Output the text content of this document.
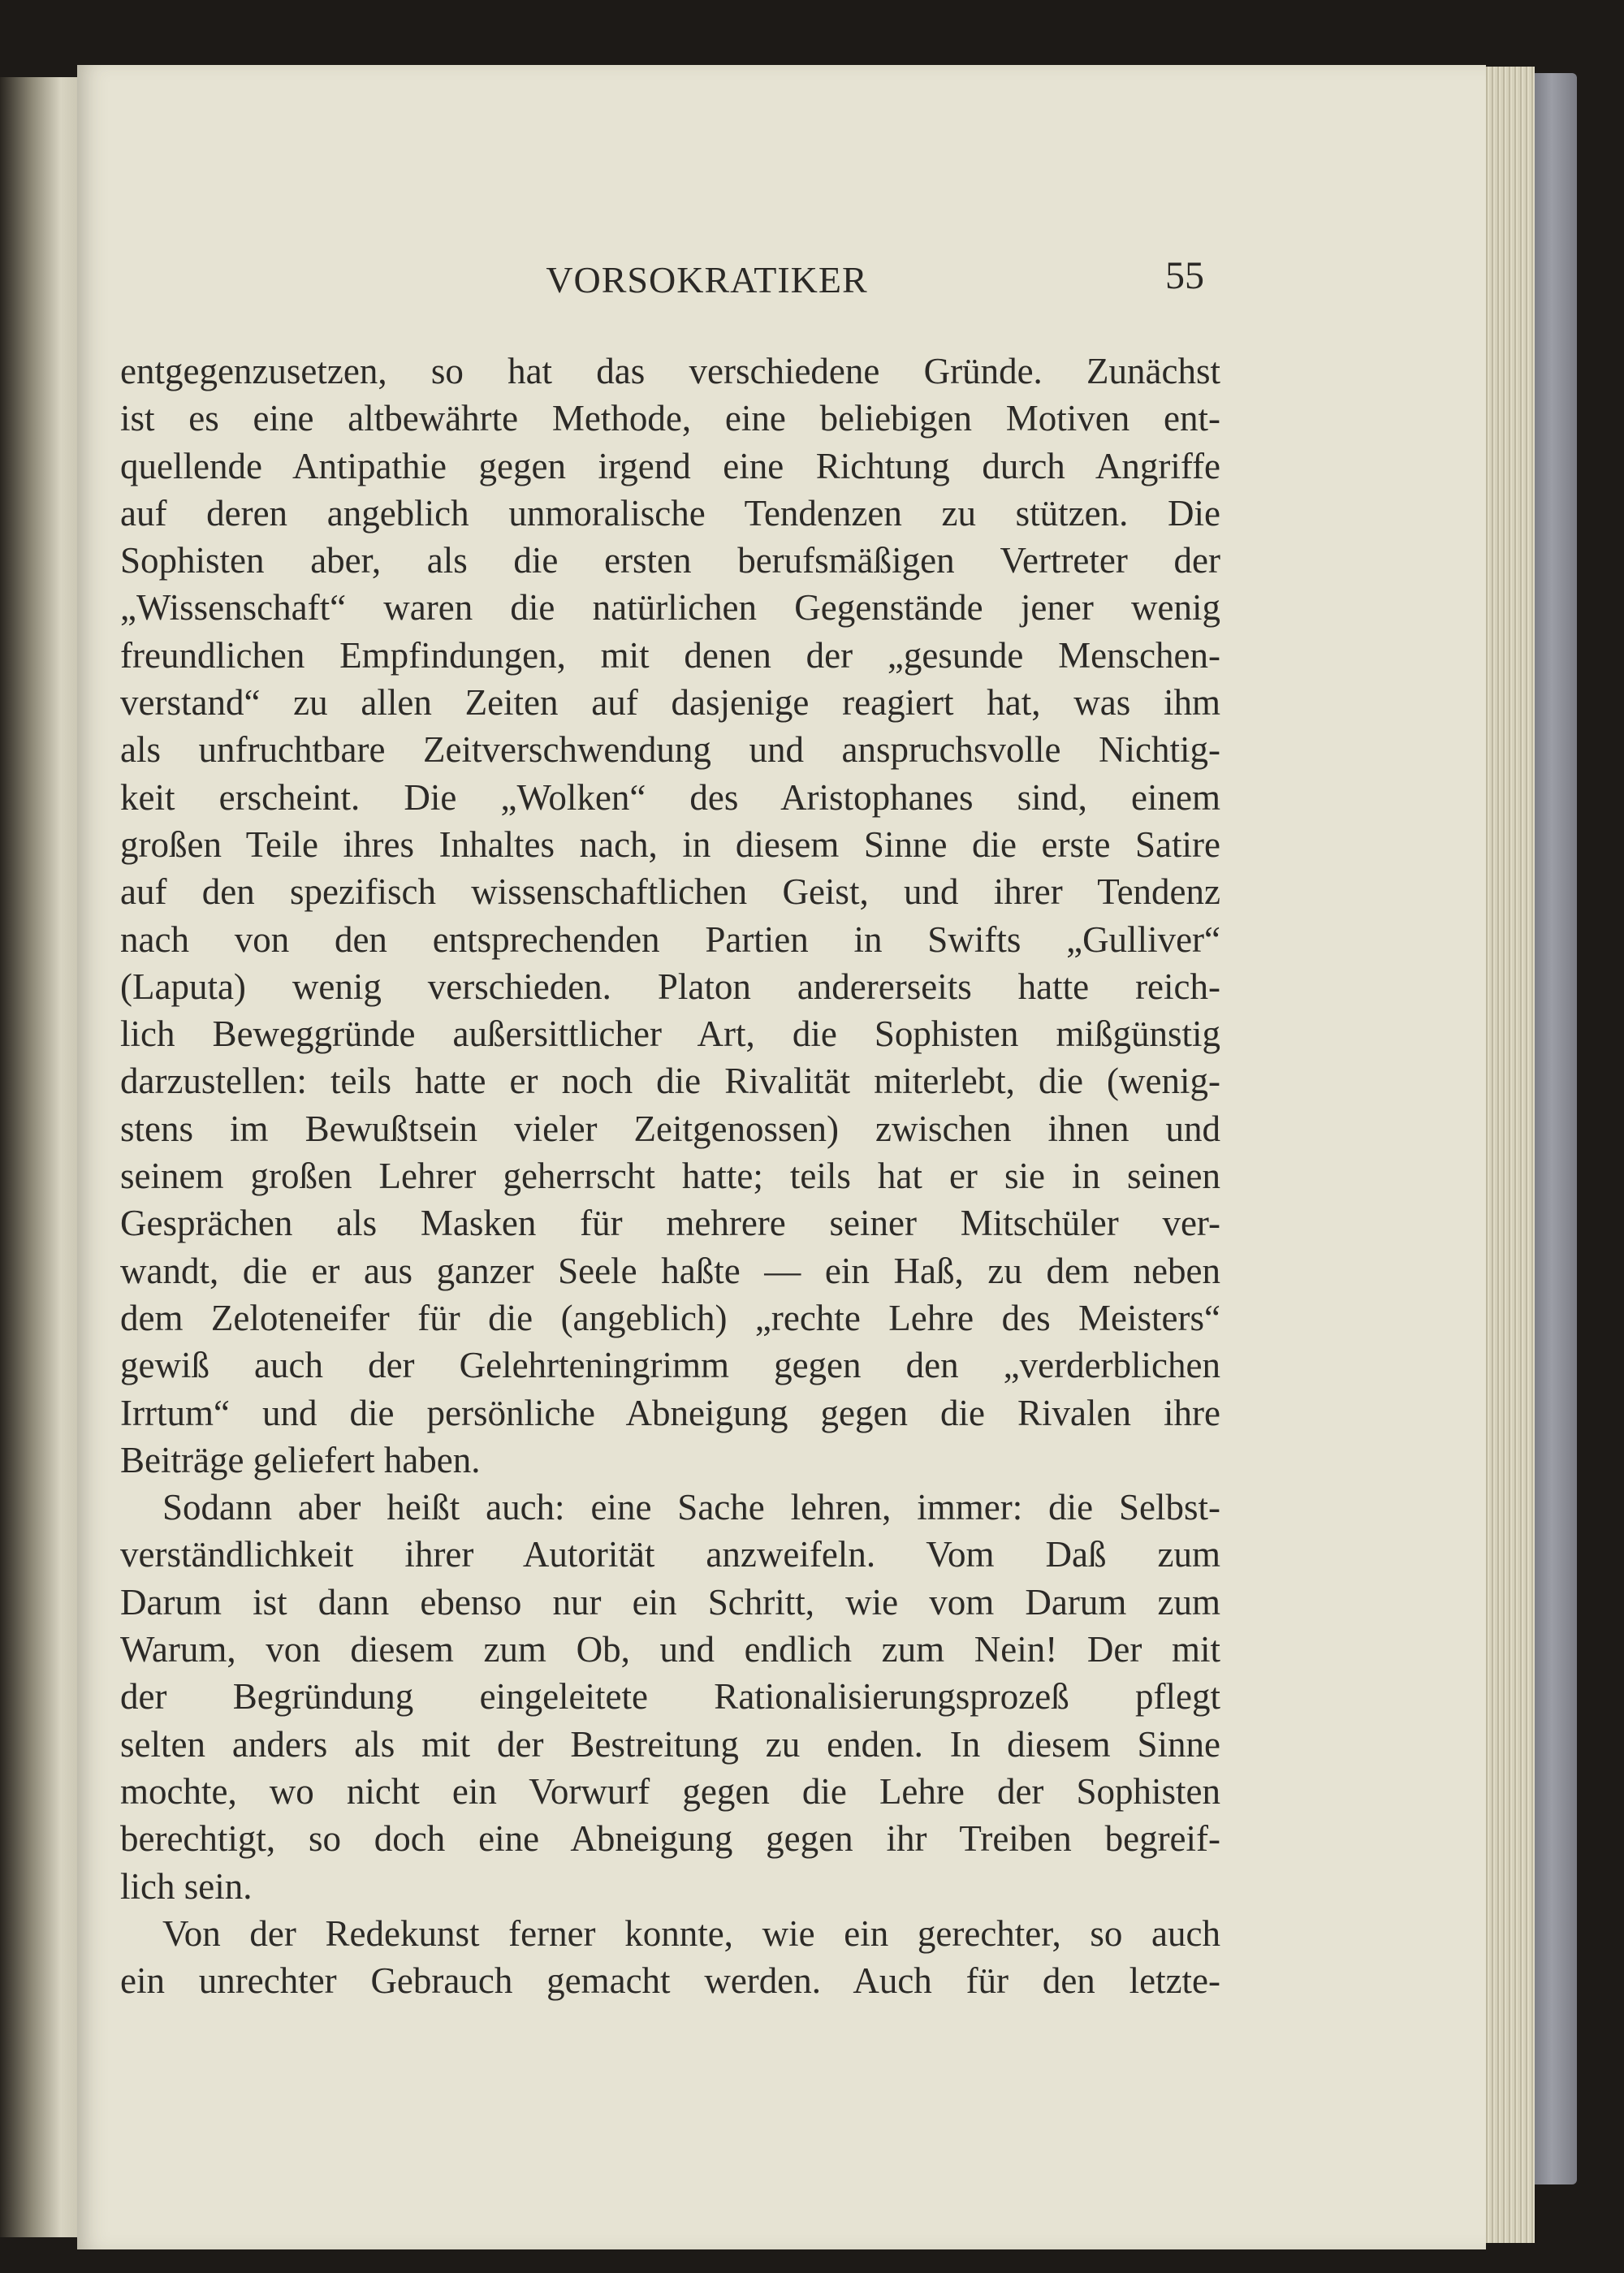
VORSOKRATIKER	55
entgegenzusetzen, so hat das verschiedene Gründe. Zunächst
ist es eine altbewährte Methode, eine beliebigen Motiven ent-
quellende Antipathie gegen irgend eine Richtung durch Angriffe
auf deren angeblich unmoralische Tendenzen zu stützen. Die
Sophisten aber, als die ersten berufsmäßigen Vertreter der
„Wissenschaft“ waren die natürlichen Gegenstände jener wenig
freundlichen Empfindungen, mit denen der „gesunde Menschen-
verstand“ zu allen Zeiten auf dasjenige reagiert hat, was ihm
als unfruchtbare Zeitverschwendung und anspruchsvolle Nichtig-
keit erscheint. Die „Wolken“ des Aristophanes sind, einem
großen Teile ihres Inhaltes nach, in diesem Sinne die erste Satire
auf den spezifisch wissenschaftlichen Geist, und ihrer Tendenz
nach von den entsprechenden Partien in Swifts „Gulliver“
(Laputa) wenig verschieden. Platon andererseits hatte reich-
lich Beweggründe außersittlicher Art, die Sophisten mißgünstig
darzustellen: teils hatte er noch die Rivalität miterlebt, die (wenig-
stens im Bewußtsein vieler Zeitgenossen) zwischen ihnen und
seinem großen Lehrer geherrscht hatte; teils hat er sie in seinen
Gesprächen als Masken für mehrere seiner Mitschüler ver-
wandt, die er aus ganzer Seele haßte — ein Haß, zu dem neben
dem Zeloteneifer für die (angeblich) „rechte Lehre des Meisters“
gewiß auch der Gelehrteningrimm gegen den „verderblichen
Irrtum“ und die persönliche Abneigung gegen die Rivalen ihre
Beiträge geliefert haben.
Sodann aber heißt auch: eine Sache lehren, immer: die Selbst-
verständlichkeit ihrer Autorität anzweifeln. Vom Daß zum
Darum ist dann ebenso nur ein Schritt, wie vom Darum zum
Warum, von diesem zum Ob, und endlich zum Nein! Der mit
der Begründung eingeleitete Rationalisierungsprozeß pflegt
selten anders als mit der Bestreitung zu enden. In diesem Sinne
mochte, wo nicht ein Vorwurf gegen die Lehre der Sophisten
berechtigt, so doch eine Abneigung gegen ihr Treiben begreif-
lich sein.
Von der Redekunst ferner konnte, wie ein gerechter, so auch
ein unrechter Gebrauch gemacht werden. Auch für den letzte-
